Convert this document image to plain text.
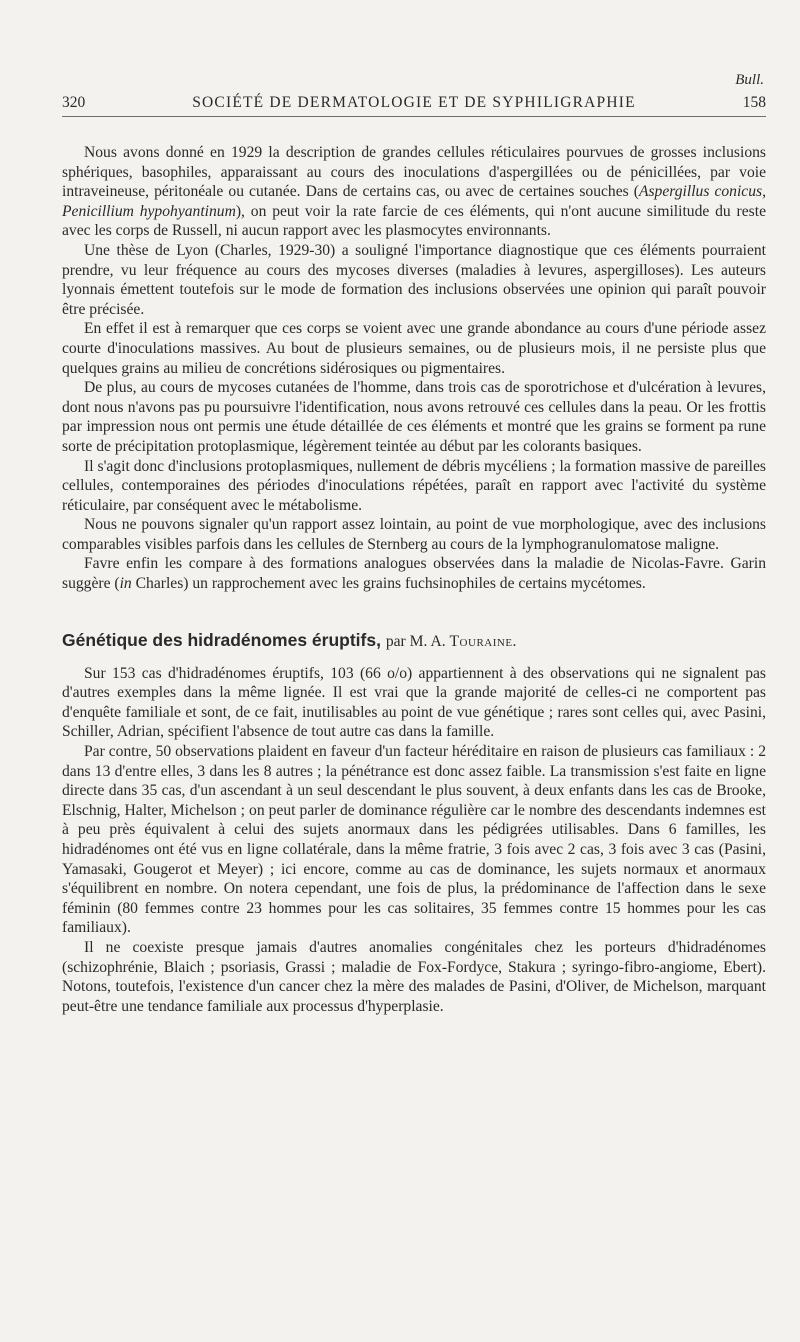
Bull.
320	SOCIÉTÉ DE DERMATOLOGIE ET DE SYPHILIGRAPHIE	158

Nous avons donné en 1929 la description de grandes cellules réticulaires pourvues de grosses inclusions sphériques, basophiles, apparaissant au cours des inoculations d'aspergillées ou de pénicillées, par voie intraveineuse, péritonéale ou cutanée. Dans de certains cas, ou avec de certaines souches (Aspergillus conicus, Penicillium hypohyantinum), on peut voir la rate farcie de ces éléments, qui n'ont aucune similitude du reste avec les corps de Russell, ni aucun rapport avec les plasmocytes environnants.

Une thèse de Lyon (Charles, 1929-30) a souligné l'importance diagnostique que ces éléments pourraient prendre, vu leur fréquence au cours des mycoses diverses (maladies à levures, aspergilloses). Les auteurs lyonnais émettent toutefois sur le mode de formation des inclusions observées une opinion qui paraît pouvoir être précisée.

En effet il est à remarquer que ces corps se voient avec une grande abondance au cours d'une période assez courte d'inoculations massives. Au bout de plusieurs semaines, ou de plusieurs mois, il ne persiste plus que quelques grains au milieu de concrétions sidérosiques ou pigmentaires.

De plus, au cours de mycoses cutanées de l'homme, dans trois cas de sporotrichose et d'ulcération à levures, dont nous n'avons pas pu poursuivre l'identification, nous avons retrouvé ces cellules dans la peau. Or les frottis par impression nous ont permis une étude détaillée de ces éléments et montré que les grains se forment pa rune sorte de précipitation protoplasmique, légèrement teintée au début par les colorants basiques.

Il s'agit donc d'inclusions protoplasmiques, nullement de débris mycéliens ; la formation massive de pareilles cellules, contemporaines des périodes d'inoculations répétées, paraît en rapport avec l'activité du système réticulaire, par conséquent avec le métabolisme.

Nous ne pouvons signaler qu'un rapport assez lointain, au point de vue morphologique, avec des inclusions comparables visibles parfois dans les cellules de Sternberg au cours de la lymphogranulomatose maligne.

Favre enfin les compare à des formations analogues observées dans la maladie de Nicolas-Favre. Garin suggère (in Charles) un rapprochement avec les grains fuchsinophiles de certains mycétomes.

Génétique des hidradénomes éruptifs, par M. A. Touraine.

Sur 153 cas d'hidradénomes éruptifs, 103 (66 o/o) appartiennent à des observations qui ne signalent pas d'autres exemples dans la même lignée. Il est vrai que la grande majorité de celles-ci ne comportent pas d'enquête familiale et sont, de ce fait, inutilisables au point de vue génétique ; rares sont celles qui, avec Pasini, Schiller, Adrian, spécifient l'absence de tout autre cas dans la famille.

Par contre, 50 observations plaident en faveur d'un facteur héréditaire en raison de plusieurs cas familiaux : 2 dans 13 d'entre elles, 3 dans les 8 autres ; la pénétrance est donc assez faible. La transmission s'est faite en ligne directe dans 35 cas, d'un ascendant à un seul descendant le plus souvent, à deux enfants dans les cas de Brooke, Elschnig, Halter, Michelson ; on peut parler de dominance régulière car le nombre des descendants indemnes est à peu près équivalent à celui des sujets anormaux dans les pédigrées utilisables. Dans 6 familles, les hidradénomes ont été vus en ligne collatérale, dans la même fratrie, 3 fois avec 2 cas, 3 fois avec 3 cas (Pasini, Yamasaki, Gougerot et Meyer) ; ici encore, comme au cas de dominance, les sujets normaux et anormaux s'équilibrent en nombre. On notera cependant, une fois de plus, la prédominance de l'affection dans le sexe féminin (80 femmes contre 23 hommes pour les cas solitaires, 35 femmes contre 15 hommes pour les cas familiaux).

Il ne coexiste presque jamais d'autres anomalies congénitales chez les porteurs d'hidradénomes (schizophrénie, Blaich ; psoriasis, Grassi ; maladie de Fox-Fordyce, Stakura ; syringo-fibro-angiome, Ebert). Notons, toutefois, l'existence d'un cancer chez la mère des malades de Pasini, d'Oliver, de Michelson, marquant peut-être une tendance familiale aux processus d'hyperplasie.
